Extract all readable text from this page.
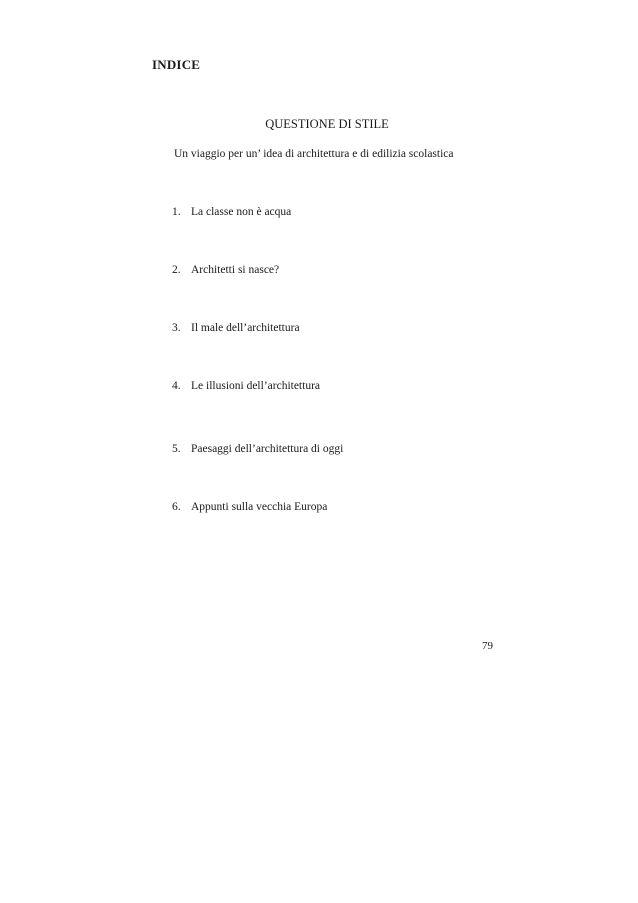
INDICE
QUESTIONE DI STILE
Un viaggio per un’ idea di architettura e di edilizia scolastica
1. La classe non è acqua
2. Architetti si nasce?
3. Il male dell’architettura
4. Le illusioni dell’architettura
5. Paesaggi dell’architettura di oggi
6. Appunti sulla vecchia Europa
79
